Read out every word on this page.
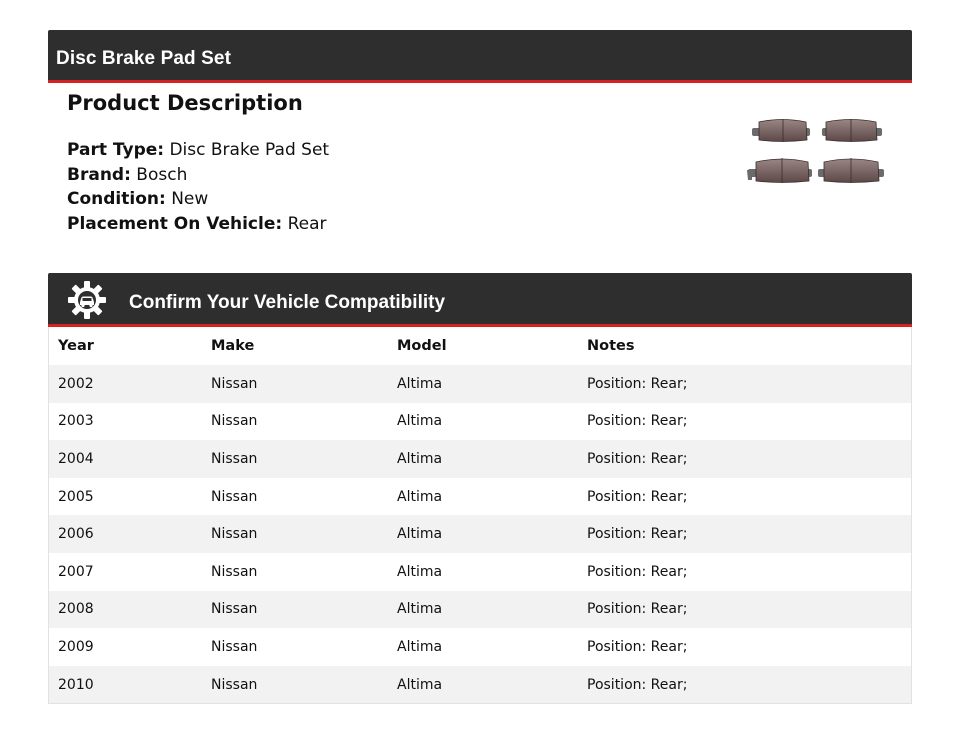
Disc Brake Pad Set
Product Description
Part Type: Disc Brake Pad Set
Brand: Bosch
Condition: New
Placement On Vehicle: Rear
Confirm Your Vehicle Compatibility
Year	Make	Model	Notes
2002	Nissan	Altima	Position: Rear;
2003	Nissan	Altima	Position: Rear;
2004	Nissan	Altima	Position: Rear;
2005	Nissan	Altima	Position: Rear;
2006	Nissan	Altima	Position: Rear;
2007	Nissan	Altima	Position: Rear;
2008	Nissan	Altima	Position: Rear;
2009	Nissan	Altima	Position: Rear;
2010	Nissan	Altima	Position: Rear;
